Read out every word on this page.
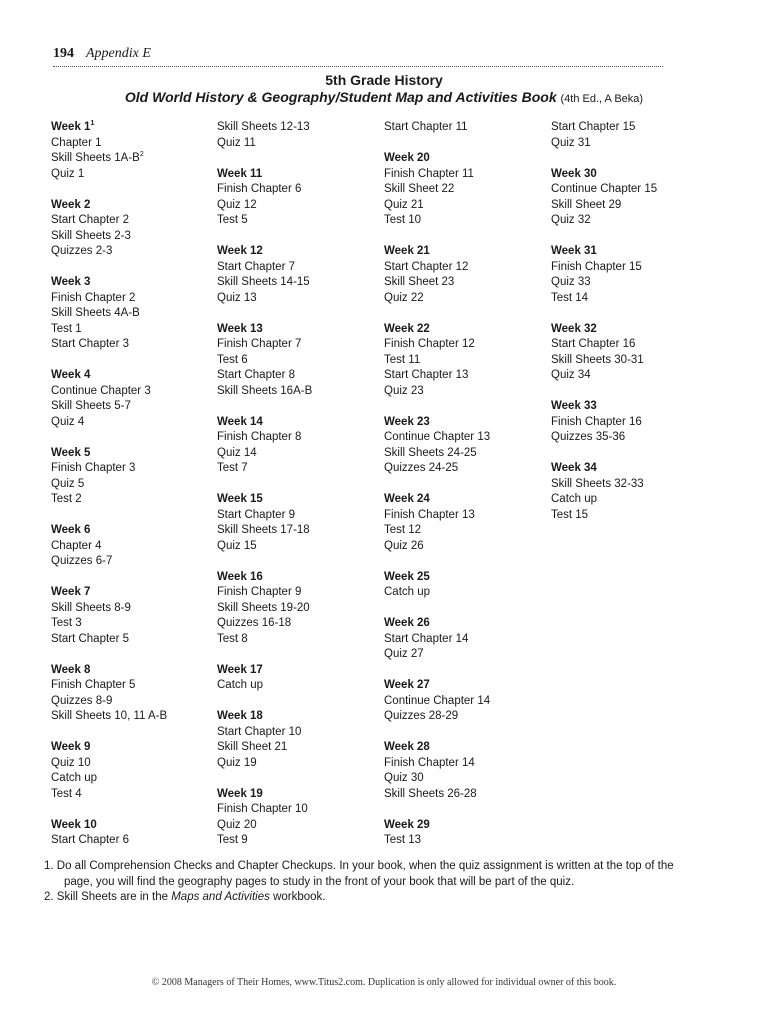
194 Appendix E
5th Grade History
Old World History & Geography/Student Map and Activities Book (4th Ed., A Beka)
Week $1^1$
Chapter 1
Skill Sheets $1A-B^2$
Quiz 1
Week 2
Start Chapter 2
Skill Sheets 2-3
Quizzes 2-3
Week 3
Finish Chapter 2
Skill Sheets 4A-B
Test 1
Start Chapter 3
Week 4
Continue Chapter 3
Skill Sheets 5-7
Quiz 4
Week 5
Finish Chapter 3
Quiz 5
Test 2
Week 6
Chapter 4
Quizzes 6-7
Week 7
Skill Sheets 8-9
Test 3
Start Chapter 5
Week 8
Finish Chapter 5
Quizzes 8-9
Skill Sheets 10, 11 A-B
Week 9
Quiz 10
Catch up
Test 4
Week 10
Start Chapter 6
Skill Sheets 12-13
Quiz 11
Week 11
Finish Chapter 6
Quiz 12
Test 5
Week 12
Start Chapter 7
Skill Sheets 14-15
Quiz 13
Week 13
Finish Chapter 7
Test 6
Start Chapter 8
Skill Sheets 16A-B
Week 14
Finish Chapter 8
Quiz 14
Test 7
Week 15
Start Chapter 9
Skill Sheets 17-18
Quiz 15
Week 16
Finish Chapter 9
Skill Sheets 19-20
Quizzes 16-18
Test 8
Week 17
Catch up
Week 18
Start Chapter 10
Skill Sheet 21
Quiz 19
Week 19
Finish Chapter 10
Quiz 20
Test 9
Start Chapter 11
Week 20
Finish Chapter 11
Skill Sheet 22
Quiz 21
Test 10
Week 21
Start Chapter 12
Skill Sheet 23
Quiz 22
Week 22
Finish Chapter 12
Test 11
Start Chapter 13
Quiz 23
Week 23
Continue Chapter 13
Skill Sheets 24-25
Quizzes 24-25
Week 24
Finish Chapter 13
Test 12
Quiz 26
Week 25
Catch up
Week 26
Start Chapter 14
Quiz 27
Week 27
Continue Chapter 14
Quizzes 28-29
Week 28
Finish Chapter 14
Quiz 30
Skill Sheets 26-28
Week 29
Test 13
Start Chapter 15
Quiz 31
Week 30
Continue Chapter 15
Skill Sheet 29
Quiz 32
Week 31
Finish Chapter 15
Quiz 33
Test 14
Week 32
Start Chapter 16
Skill Sheets 30-31
Quiz 34
Week 33
Finish Chapter 16
Quizzes 35-36
Week 34
Skill Sheets 32-33
Catch up
Test 15
1. Do all Comprehension Checks and Chapter Checkups. In your book, when the quiz assignment is written at the top of the
page, you will find the geography pages to study in the front of your book that will be part of the quiz.
2. Skill Sheets are in the Maps and Activities workbook.
© 2008 Managers of Their Homes, www.Titus2.com. Duplication is only allowed for individual owner of this book.
